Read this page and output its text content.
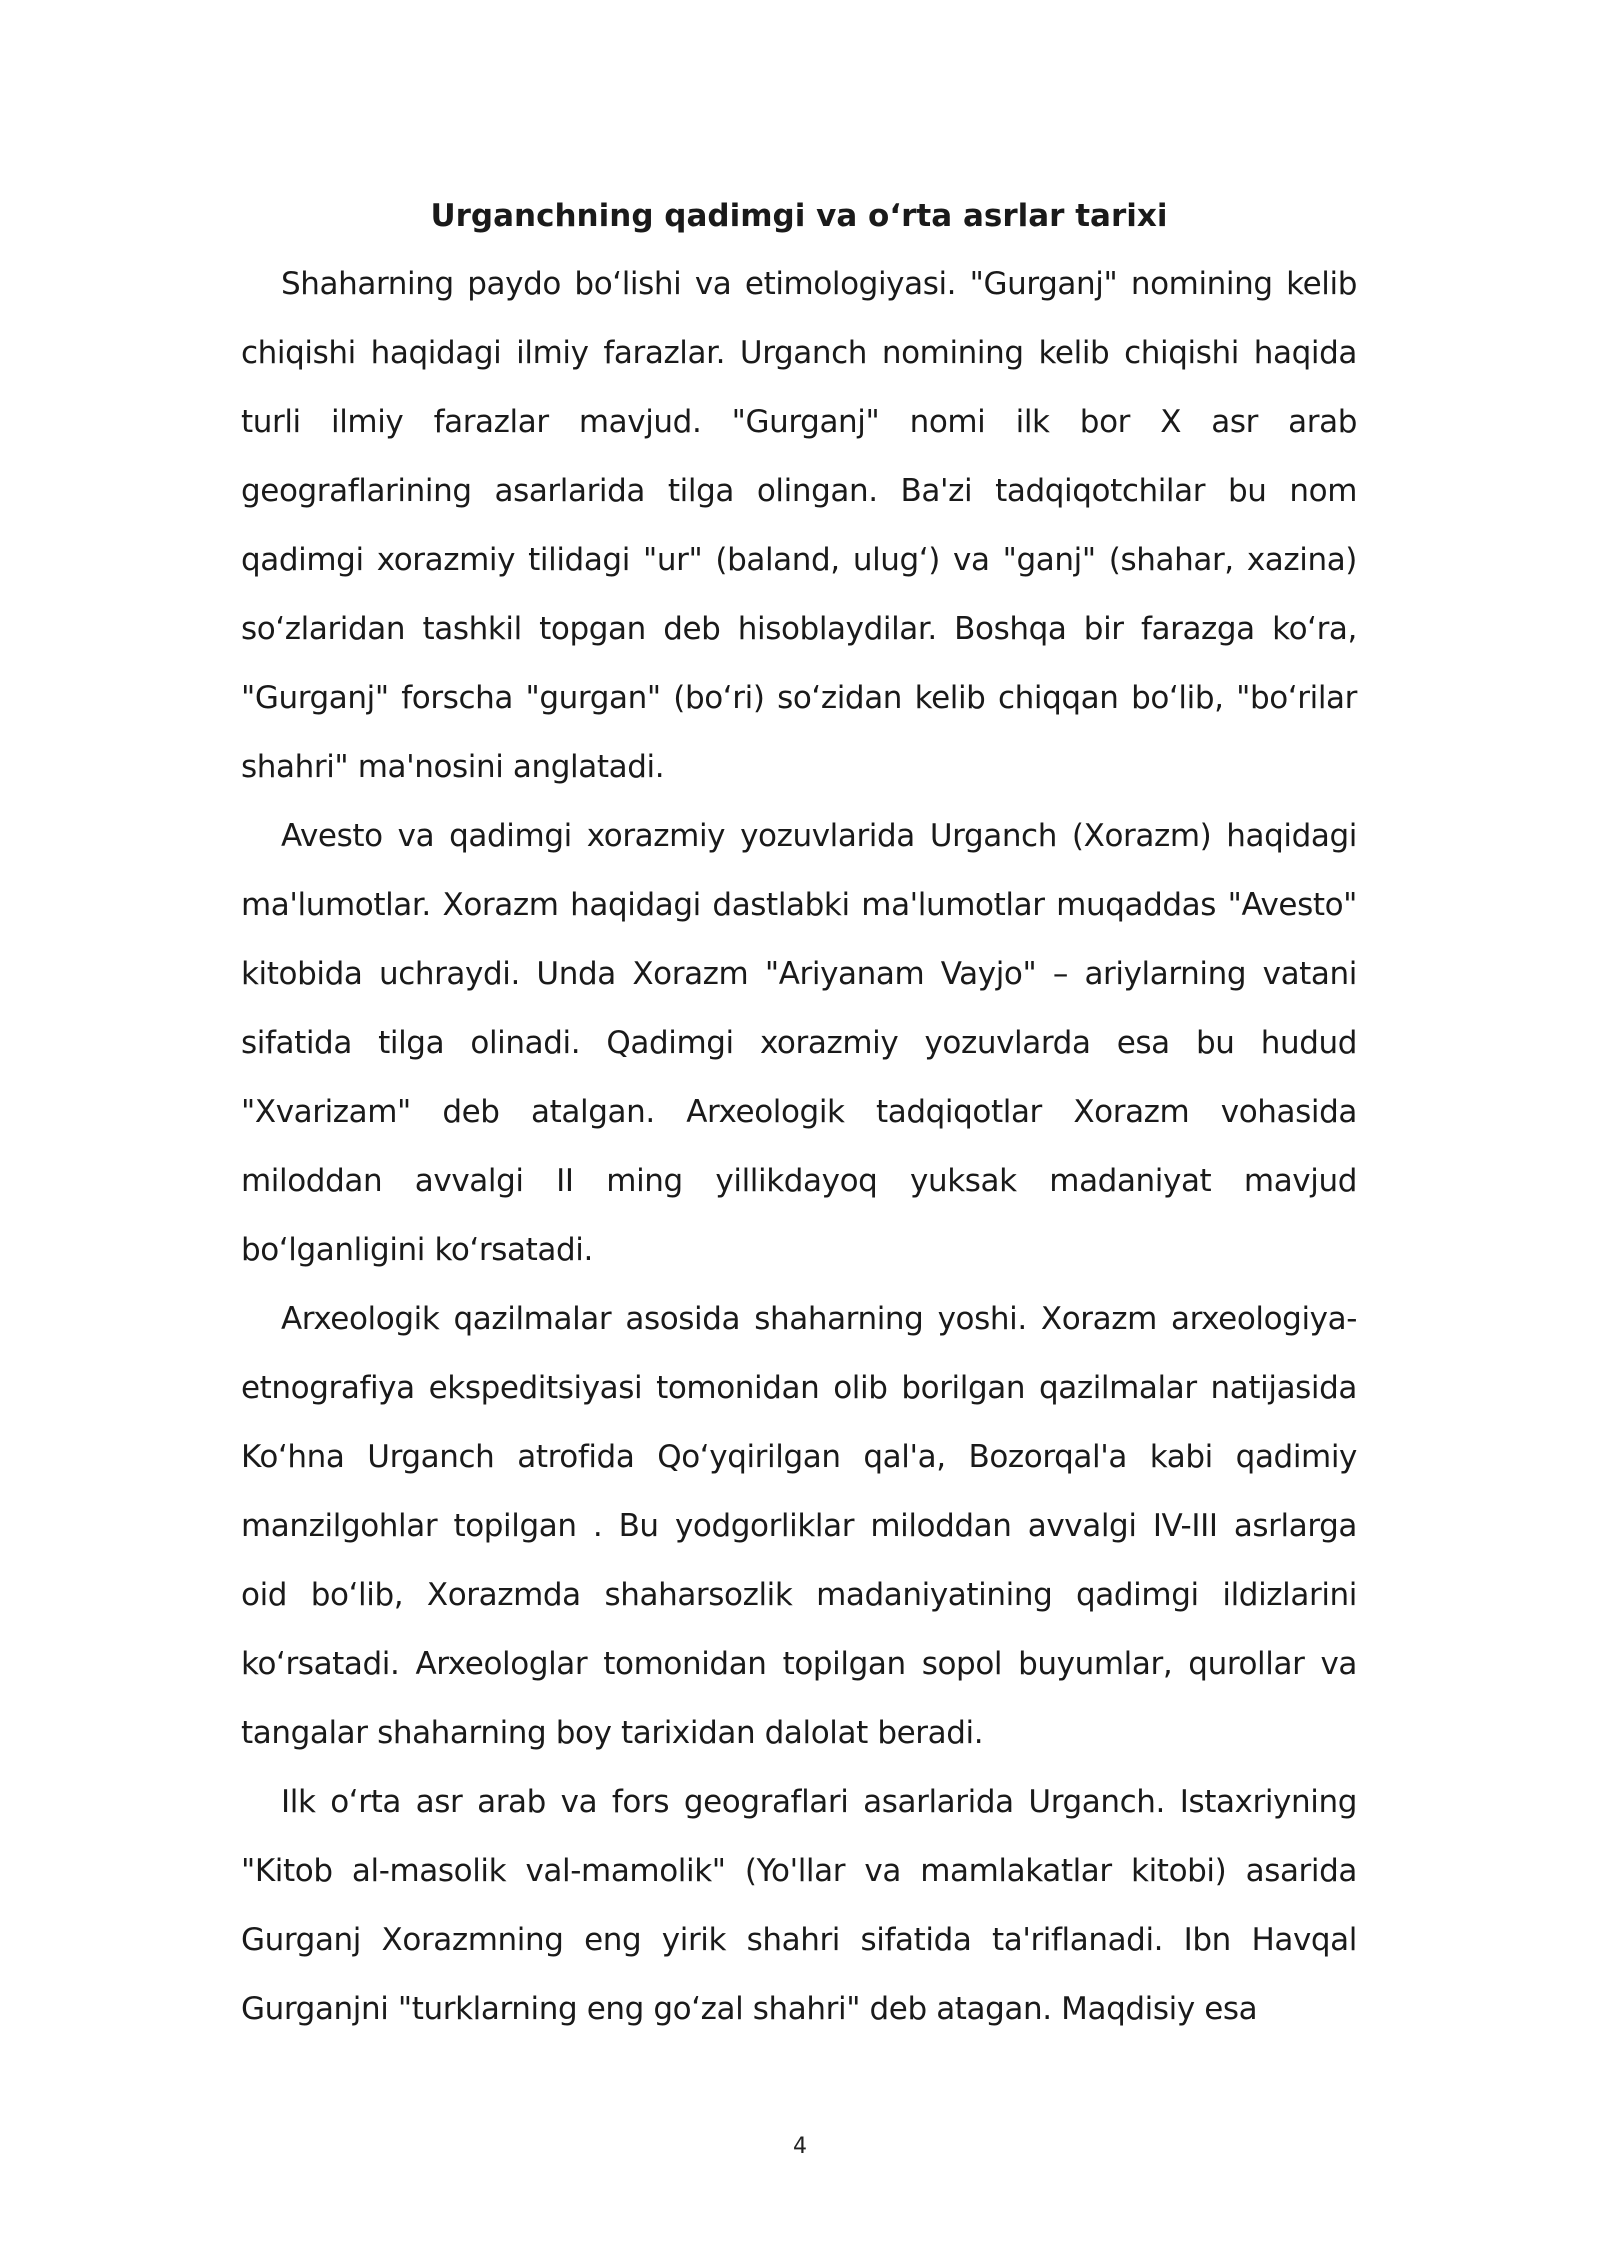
Urganchning qadimgi va o‘rta asrlar tarixi

Shaharning paydo bo‘lishi va etimologiyasi. "Gurganj" nomining kelib chiqishi haqidagi ilmiy farazlar. Urganch nomining kelib chiqishi haqida turli ilmiy farazlar mavjud. "Gurganj" nomi ilk bor X asr arab geograflarining asarlarida tilga olingan. Ba'zi tadqiqotchilar bu nom qadimgi xorazmiy tilidagi "ur" (baland, ulug‘) va "ganj" (shahar, xazina) so‘zlaridan tashkil topgan deb hisoblaydilar. Boshqa bir farazga ko‘ra, "Gurganj" forscha "gurgan" (bo‘ri) so‘zidan kelib chiqqan bo‘lib, "bo‘rilar shahri" ma'nosini anglatadi.

Avesto va qadimgi xorazmiy yozuvlarida Urganch (Xorazm) haqidagi ma'lumotlar. Xorazm haqidagi dastlabki ma'lumotlar muqaddas "Avesto" kitobida uchraydi. Unda Xorazm "Ariyanam Vayjo" – ariylarning vatani sifatida tilga olinadi. Qadimgi xorazmiy yozuvlarda esa bu hudud "Xvarizam" deb atalgan. Arxeologik tadqiqotlar Xorazm vohasida miloddan avvalgi II ming yillikdayoq yuksak madaniyat mavjud bo‘lganligini ko‘rsatadi.

Arxeologik qazilmalar asosida shaharning yoshi. Xorazm arxeologiya-etnografiya ekspeditsiyasi tomonidan olib borilgan qazilmalar natijasida Ko‘hna Urganch atrofida Qo‘yqirilgan qal'a, Bozorqal'a kabi qadimiy manzilgohlar topilgan . Bu yodgorliklar miloddan avvalgi IV-III asrlarga oid bo‘lib, Xorazmda shaharsozlik madaniyatining qadimgi ildizlarini ko‘rsatadi. Arxeologlar tomonidan topilgan sopol buyumlar, qurollar va tangalar shaharning boy tarixidan dalolat beradi.

Ilk o‘rta asr arab va fors geograflari asarlarida Urganch. Istaxriyning "Kitob al-masolik val-mamolik" (Yo'llar va mamlakatlar kitobi) asarida Gurganj Xorazmning eng yirik shahri sifatida ta'riflanadi. Ibn Havqal Gurganjni "turklarning eng go‘zal shahri" deb atagan. Maqdisiy esa

4
